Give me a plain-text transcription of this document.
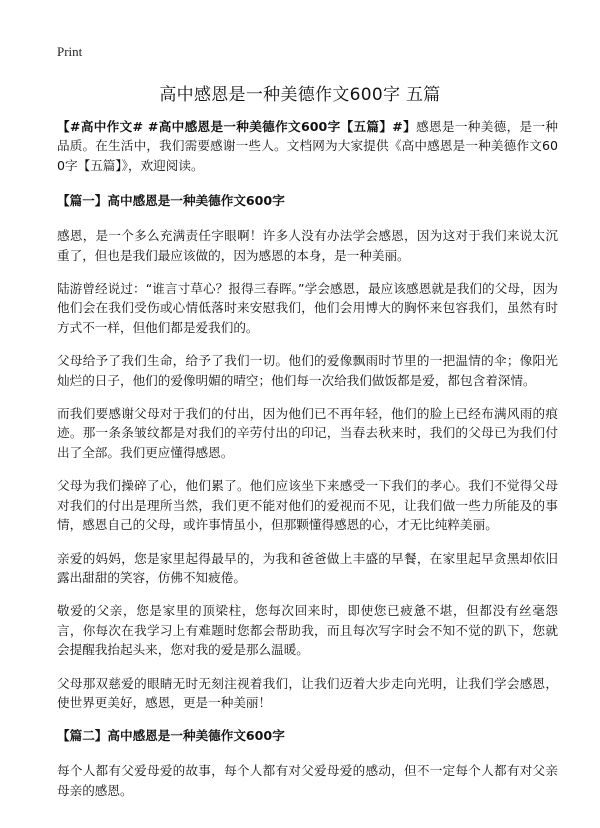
Print
高中感恩是一种美德作文600字 五篇

【#高中作文# #高中感恩是一种美德作文600字【五篇】#】感恩是一种美德，是一种品质。在生活中，我们需要感谢一些人。文档网为大家提供《高中感恩是一种美德作文600字【五篇】》，欢迎阅读。

【篇一】高中感恩是一种美德作文600字

感恩，是一个多么充满责任字眼啊！许多人没有办法学会感恩，因为这对于我们来说太沉重了，但也是我们最应该做的，因为感恩的本身，是一种美丽。

陆游曾经说过：“谁言寸草心？报得三春晖。”学会感恩，最应该感恩就是我们的父母，因为他们会在我们受伤或心情低落时来安慰我们，他们会用博大的胸怀来包容我们，虽然有时方式不一样，但他们都是爱我们的。

父母给予了我们生命，给予了我们一切。他们的爱像飘雨时节里的一把温情的伞；像阳光灿烂的日子，他们的爱像明媚的晴空；他们每一次给我们做饭都是爱，都包含着深情。

而我们要感谢父母对于我们的付出，因为他们已不再年轻，他们的脸上已经布满风雨的痕迹。那一条条皱纹都是对我们的辛劳付出的印记，当春去秋来时，我们的父母已为我们付出了全部。我们更应懂得感恩。

父母为我们操碎了心，他们累了。他们应该坐下来感受一下我们的孝心。我们不觉得父母对我们的付出是理所当然，我们更不能对他们的爱视而不见，让我们做一些力所能及的事情，感恩自己的父母，或许事情虽小，但那颗懂得感恩的心，才无比纯粹美丽。

亲爱的妈妈，您是家里起得最早的，为我和爸爸做上丰盛的早餐，在家里起早贪黑却依旧露出甜甜的笑容，仿佛不知疲倦。

敬爱的父亲，您是家里的顶梁柱，您每次回来时，即使您已疲惫不堪，但都没有丝毫怨言，你每次在我学习上有难题时您都会帮助我，而且每次写字时会不知不觉的趴下，您就会提醒我抬起头来，您对我的爱是那么温暖。

父母那双慈爱的眼睛无时无刻注视着我们，让我们迈着大步走向光明，让我们学会感恩，使世界更美好，感恩，更是一种美丽！

【篇二】高中感恩是一种美德作文600字

每个人都有父爱母爱的故事，每个人都有对父爱母爱的感动，但不一定每个人都有对父亲母亲的感恩。
